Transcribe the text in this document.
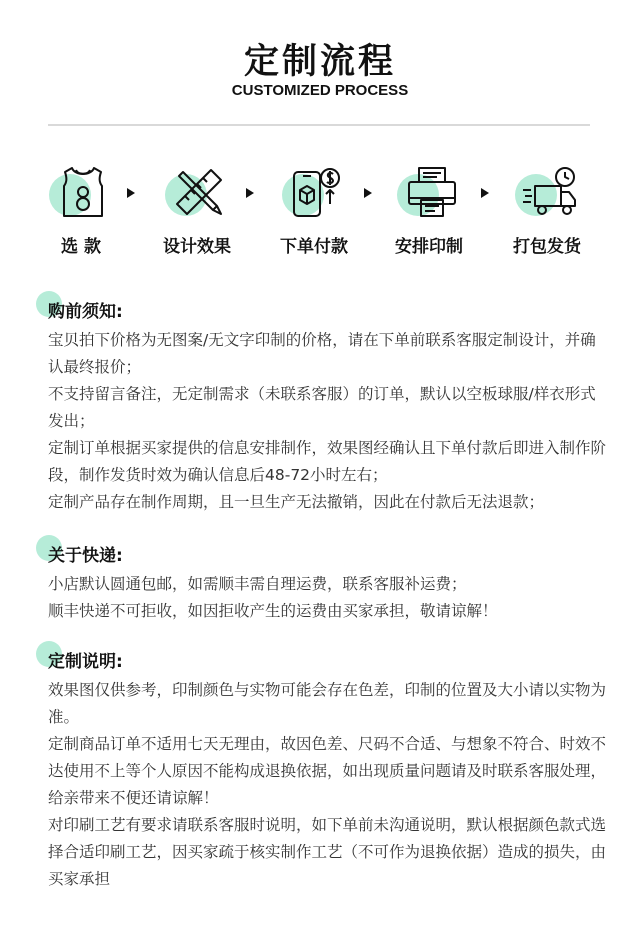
定制流程
CUSTOMIZED PROCESS
选 款	设计效果	下单付款	安排印制	打包发货
购前须知:

宝贝拍下价格为无图案/无文字印制的价格，请在下单前联系客服定制设计，并确认最终报价；

不支持留言备注，无定制需求（未联系客服）的订单，默认以空板球服/样衣形式发出；

定制订单根据买家提供的信息安排制作，效果图经确认且下单付款后即进入制作阶段，制作发货时效为确认信息后48-72小时左右；

定制产品存在制作周期，且一旦生产无法撤销，因此在付款后无法退款；

关于快递:

小店默认圆通包邮，如需顺丰需自理运费，联系客服补运费；

顺丰快递不可拒收，如因拒收产生的运费由买家承担，敬请谅解！

定制说明:

效果图仅供参考，印制颜色与实物可能会存在色差，印制的位置及大小请以实物为准。

定制商品订单不适用七天无理由，故因色差、尺码不合适、与想象不符合、时效不达使用不上等个人原因不能构成退换依据，如出现质量问题请及时联系客服处理，给亲带来不便还请谅解！

对印刷工艺有要求请联系客服时说明，如下单前未沟通说明，默认根据颜色款式选择合适印刷工艺，因买家疏于核实制作工艺（不可作为退换依据）造成的损失，由买家承担
